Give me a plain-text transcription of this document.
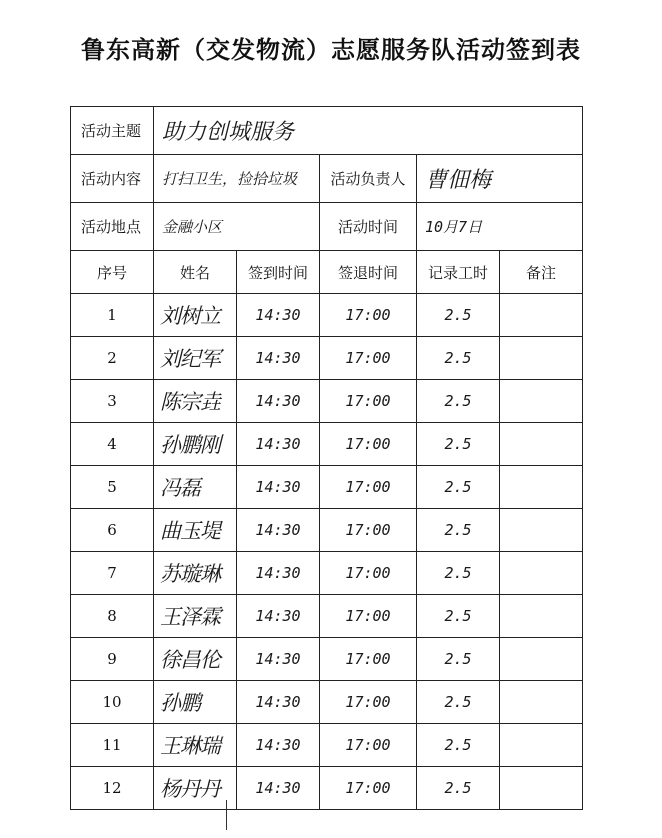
鲁东高新（交发物流）志愿服务队活动签到表
活动主题	助力创城服务				
活动内容	打扫卫生，捡拾垃圾		活动负责人	曹佃梅	
活动地点	金融小区		活动时间	10月7日	
序号	姓名	签到时间	签退时间	记录工时	备注
1	刘树立	14:30	17:00	2.5	
2	刘纪军	14:30	17:00	2.5	
3	陈宗垚	14:30	17:00	2.5	
4	孙鹏刚	14:30	17:00	2.5	
5	冯磊	14:30	17:00	2.5	
6	曲玉堤	14:30	17:00	2.5	
7	苏璇琳	14:30	17:00	2.5	
8	王泽霖	14:30	17:00	2.5	
9	徐昌伦	14:30	17:00	2.5	
10	孙鹏	14:30	17:00	2.5	
11	王琳瑞	14:30	17:00	2.5	
12	杨丹丹	14:30	17:00	2.5	
